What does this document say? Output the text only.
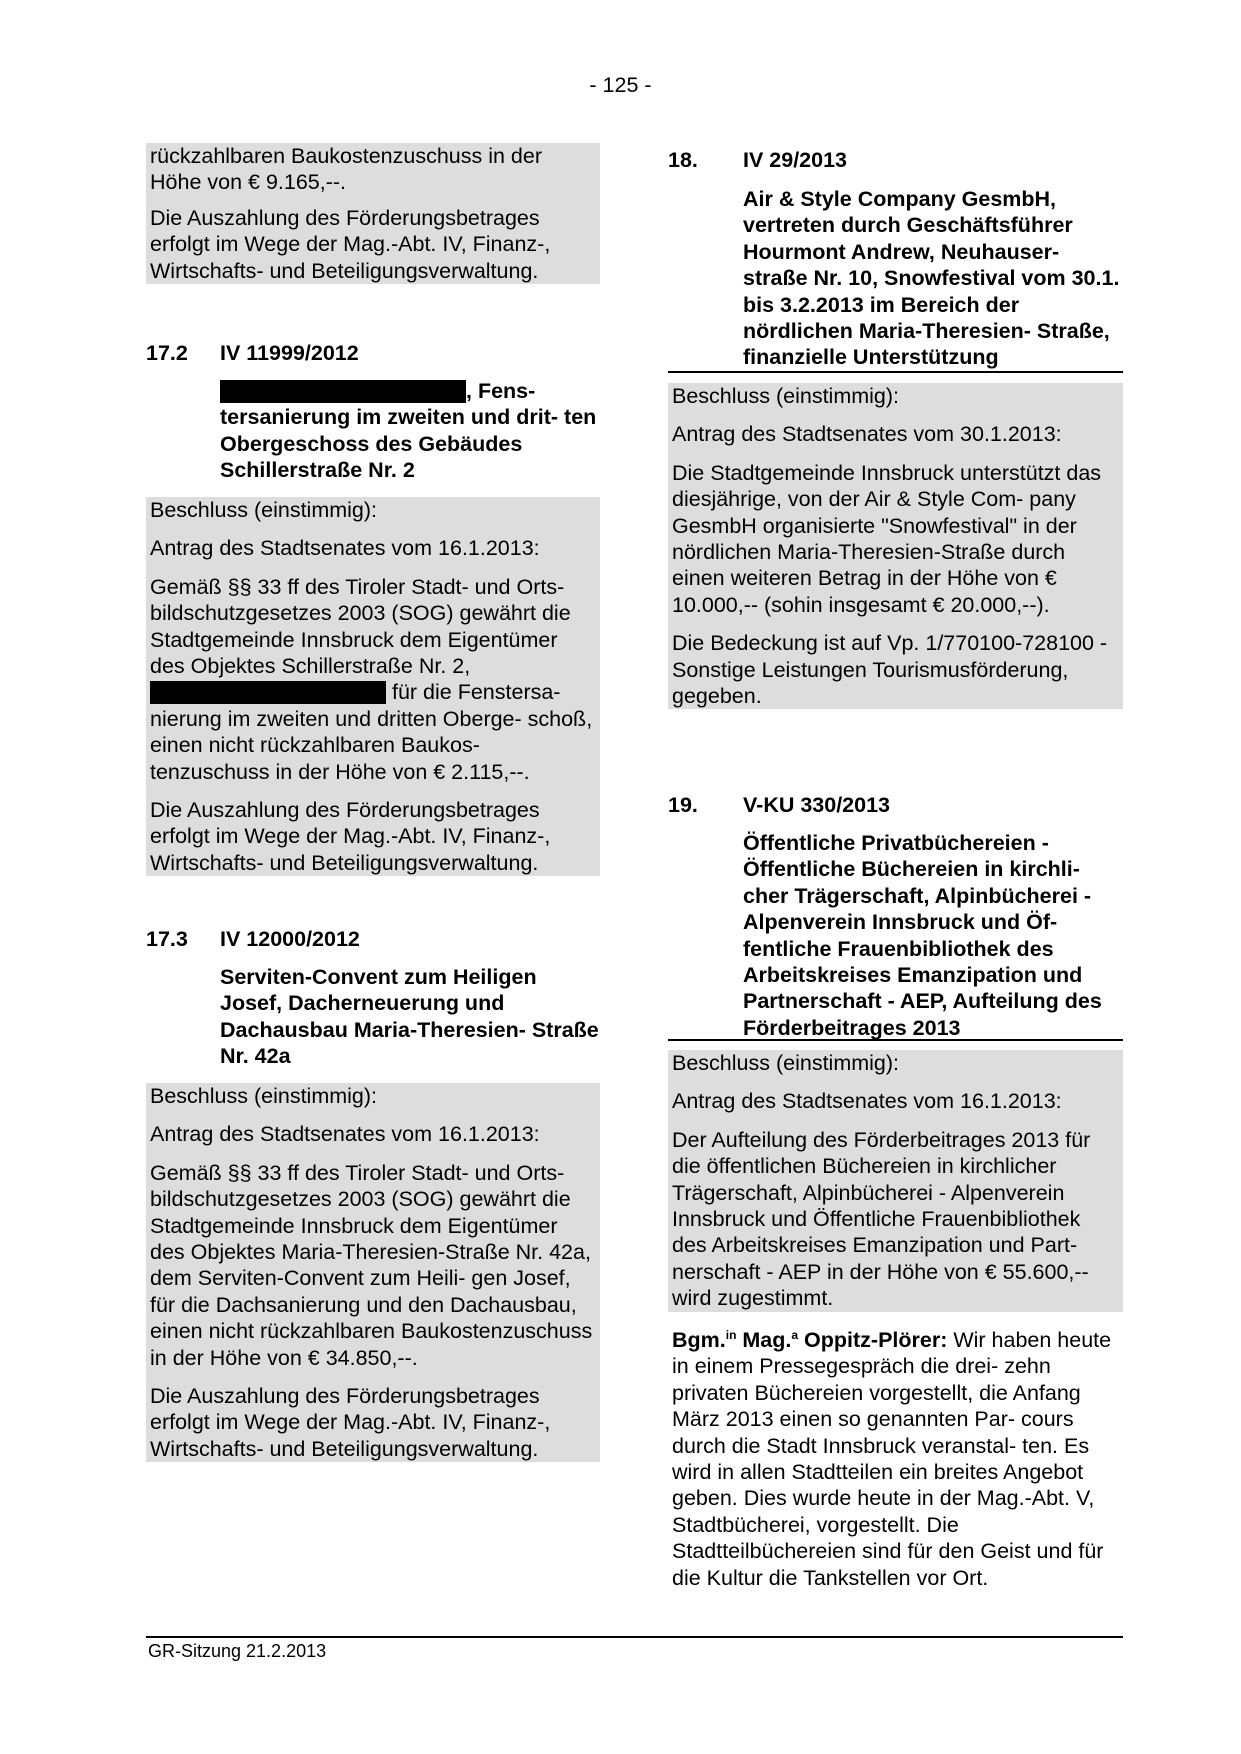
- 125 -

rückzahlbaren Baukostenzuschuss in der Höhe von € 9.165,--.

Die Auszahlung des Förderungsbetrages erfolgt im Wege der Mag.-Abt. IV, Finanz-, Wirtschafts- und Beteiligungsverwaltung.

17.2 IV 11999/2012
, Fens-
tersanierung im zweiten und drit- ten Obergeschoss des Gebäudes Schillerstraße Nr. 2

Beschluss (einstimmig):

Antrag des Stadtsenates vom 16.1.2013:

Gemäß §§ 33 ff des Tiroler Stadt- und Orts- bildschutzgesetzes 2003 (SOG) gewährt die Stadtgemeinde Innsbruck dem Eigentümer des Objektes Schillerstraße Nr. 2,  für die Fenstersa- nierung im zweiten und dritten Oberge- schoß, einen nicht rückzahlbaren Baukos- tenzuschuss in der Höhe von € 2.115,--.

Die Auszahlung des Förderungsbetrages erfolgt im Wege der Mag.-Abt. IV, Finanz-, Wirtschafts- und Beteiligungsverwaltung.

17.3 IV 12000/2012
Serviten-Convent zum Heiligen Josef, Dacherneuerung und Dachausbau Maria-Theresien- Straße Nr. 42a

Beschluss (einstimmig):

Antrag des Stadtsenates vom 16.1.2013:

Gemäß §§ 33 ff des Tiroler Stadt- und Orts- bildschutzgesetzes 2003 (SOG) gewährt die Stadtgemeinde Innsbruck dem Eigentümer des Objektes Maria-Theresien-Straße Nr. 42a, dem Serviten-Convent zum Heili- gen Josef, für die Dachsanierung und den Dachausbau, einen nicht rückzahlbaren Baukostenzuschuss in der Höhe von € 34.850,--.

Die Auszahlung des Förderungsbetrages erfolgt im Wege der Mag.-Abt. IV, Finanz-, Wirtschafts- und Beteiligungsverwaltung.

18. IV 29/2013
Air & Style Company GesmbH, vertreten durch Geschäftsführer Hourmont Andrew, Neuhauser- straße Nr. 10, Snowfestival vom 30.1. bis 3.2.2013 im Bereich der nördlichen Maria-Theresien- Straße, finanzielle Unterstützung

Beschluss (einstimmig):

Antrag des Stadtsenates vom 30.1.2013:

Die Stadtgemeinde Innsbruck unterstützt das diesjährige, von der Air & Style Com- pany GesmbH organisierte "Snowfestival" in der nördlichen Maria-Theresien-Straße durch einen weiteren Betrag in der Höhe von € 10.000,-- (sohin insgesamt € 20.000,--).

Die Bedeckung ist auf Vp. 1/770100-728100 - Sonstige Leistungen Tourismusförderung, gegeben.

19. V-KU 330/2013
Öffentliche Privatbüchereien - Öffentliche Büchereien in kirchli- cher Trägerschaft, Alpinbücherei - Alpenverein Innsbruck und Öf- fentliche Frauenbibliothek des Arbeitskreises Emanzipation und Partnerschaft - AEP, Aufteilung des Förderbeitrages 2013

Beschluss (einstimmig):

Antrag des Stadtsenates vom 16.1.2013:

Der Aufteilung des Förderbeitrages 2013 für die öffentlichen Büchereien in kirchlicher Trägerschaft, Alpinbücherei - Alpenverein Innsbruck und Öffentliche Frauenbibliothek des Arbeitskreises Emanzipation und Part- nerschaft - AEP in der Höhe von € 55.600,-- wird zugestimmt.

Bgm.$^{in}$ Mag.$^a$ Oppitz-Plörer: Wir haben heute in einem Pressegespräch die drei- zehn privaten Büchereien vorgestellt, die Anfang März 2013 einen so genannten Par- cours durch die Stadt Innsbruck veranstal- ten. Es wird in allen Stadtteilen ein breites Angebot geben. Dies wurde heute in der Mag.-Abt. V, Stadtbücherei, vorgestellt. Die Stadtteilbüchereien sind für den Geist und für die Kultur die Tankstellen vor Ort.
GR-Sitzung 21.2.2013
